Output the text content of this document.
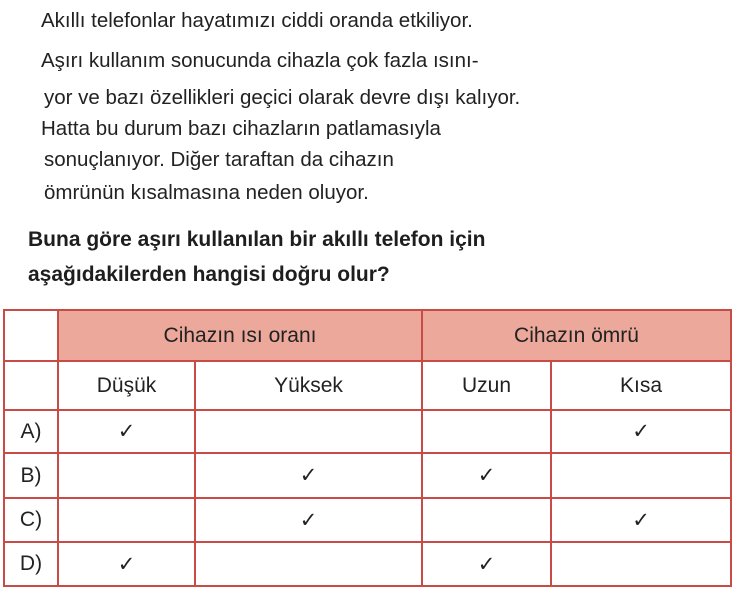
Akıllı telefonlar hayatımızı ciddi oranda etkiliyor.
Aşırı kullanım sonucunda cihazla çok fazla ısını-
yor ve bazı özellikleri geçici olarak devre dışı kalıyor.
Hatta bu durum bazı cihazların patlamasıyla
sonuçlanıyor. Diğer taraftan da cihazın
ömrünün kısalmasına neden oluyor.
Buna göre aşırı kullanılan bir akıllı telefon için
aşağıdakilerden hangisi doğru olur?
	Cihazın ısı oranı		Cihazın ömrü	
	Düşük	Yüksek	Uzun	Kısa
A)	✓			✓
B)		✓	✓	
C)		✓		✓
D)	✓		✓	
